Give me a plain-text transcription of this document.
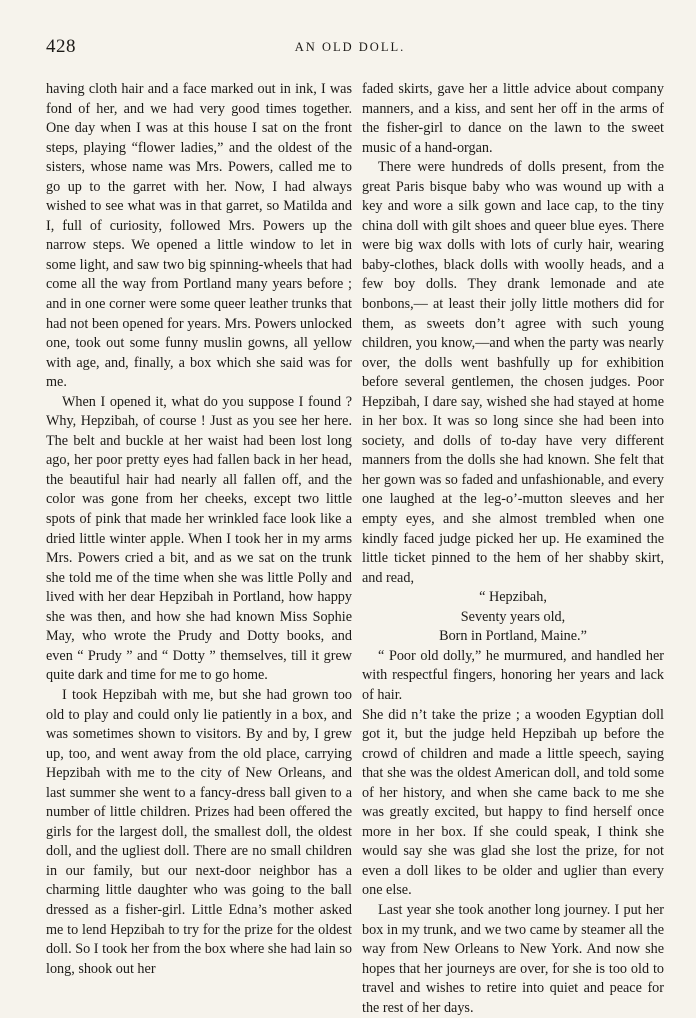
428	AN OLD DOLL.

having cloth hair and a face marked out in ink, I was fond of her, and we had very good times together. One day when I was at this house I sat on the front steps, playing “flower ladies,” and the oldest of the sisters, whose name was Mrs. Powers, called me to go up to the garret with her. Now, I had always wished to see what was in that garret, so Matilda and I, full of curiosity, followed Mrs. Powers up the narrow steps. We opened a little window to let in some light, and saw two big spinning-wheels that had come all the way from Portland many years before ; and in one corner were some queer leather trunks that had not been opened for years. Mrs. Powers unlocked one, took out some funny muslin gowns, all yellow with age, and, finally, a box which she said was for me.

When I opened it, what do you suppose I found ? Why, Hepzibah, of course ! Just as you see her here. The belt and buckle at her waist had been lost long ago, her poor pretty eyes had fallen back in her head, the beautiful hair had nearly all fallen off, and the color was gone from her cheeks, except two little spots of pink that made her wrinkled face look like a dried little winter apple. When I took her in my arms Mrs. Powers cried a bit, and as we sat on the trunk she told me of the time when she was little Polly and lived with her dear Hepzibah in Portland, how happy she was then, and how she had known Miss Sophie May, who wrote the Prudy and Dotty books, and even “ Prudy ” and “ Dotty ” themselves, till it grew quite dark and time for me to go home.

I took Hepzibah with me, but she had grown too old to play and could only lie patiently in a box, and was sometimes shown to visitors. By and by, I grew up, too, and went away from the old place, carrying Hepzibah with me to the city of New Orleans, and last summer she went to a fancy-dress ball given to a number of little children. Prizes had been offered the girls for the largest doll, the smallest doll, the oldest doll, and the ugliest doll. There are no small children in our family, but our next-door neighbor has a charming little daughter who was going to the ball dressed as a fisher-girl. Little Edna’s mother asked me to lend Hepzibah to try for the prize for the oldest doll. So I took her from the box where she had lain so long, shook out her

faded skirts, gave her a little advice about company manners, and a kiss, and sent her off in the arms of the fisher-girl to dance on the lawn to the sweet music of a hand-organ.

There were hundreds of dolls present, from the great Paris bisque baby who was wound up with a key and wore a silk gown and lace cap, to the tiny china doll with gilt shoes and queer blue eyes. There were big wax dolls with lots of curly hair, wearing baby-clothes, black dolls with woolly heads, and a few boy dolls. They drank lemonade and ate bonbons,— at least their jolly little mothers did for them, as sweets don’t agree with such young children, you know,—and when the party was nearly over, the dolls went bashfully up for exhibition before several gentlemen, the chosen judges. Poor Hepzibah, I dare say, wished she had stayed at home in her box. It was so long since she had been into society, and dolls of to-day have very different manners from the dolls she had known. She felt that her gown was so faded and unfashionable, and every one laughed at the leg-o’-mutton sleeves and her empty eyes, and she almost trembled when one kindly faced judge picked her up. He examined the little ticket pinned to the hem of her shabby skirt, and read,

“ Hepzibah,
Seventy years old,
Born in Portland, Maine.”

“ Poor old dolly,” he murmured, and handled her with respectful fingers, honoring her years and lack of hair.

She did n’t take the prize ; a wooden Egyptian doll got it, but the judge held Hepzibah up before the crowd of children and made a little speech, saying that she was the oldest American doll, and told some of her history, and when she came back to me she was greatly excited, but happy to find herself once more in her box. If she could speak, I think she would say she was glad she lost the prize, for not even a doll likes to be older and uglier than every one else.

Last year she took another long journey. I put her box in my trunk, and we two came by steamer all the way from New Orleans to New York. And now she hopes that her journeys are over, for she is too old to travel and wishes to retire into quiet and peace for the rest of her days.
